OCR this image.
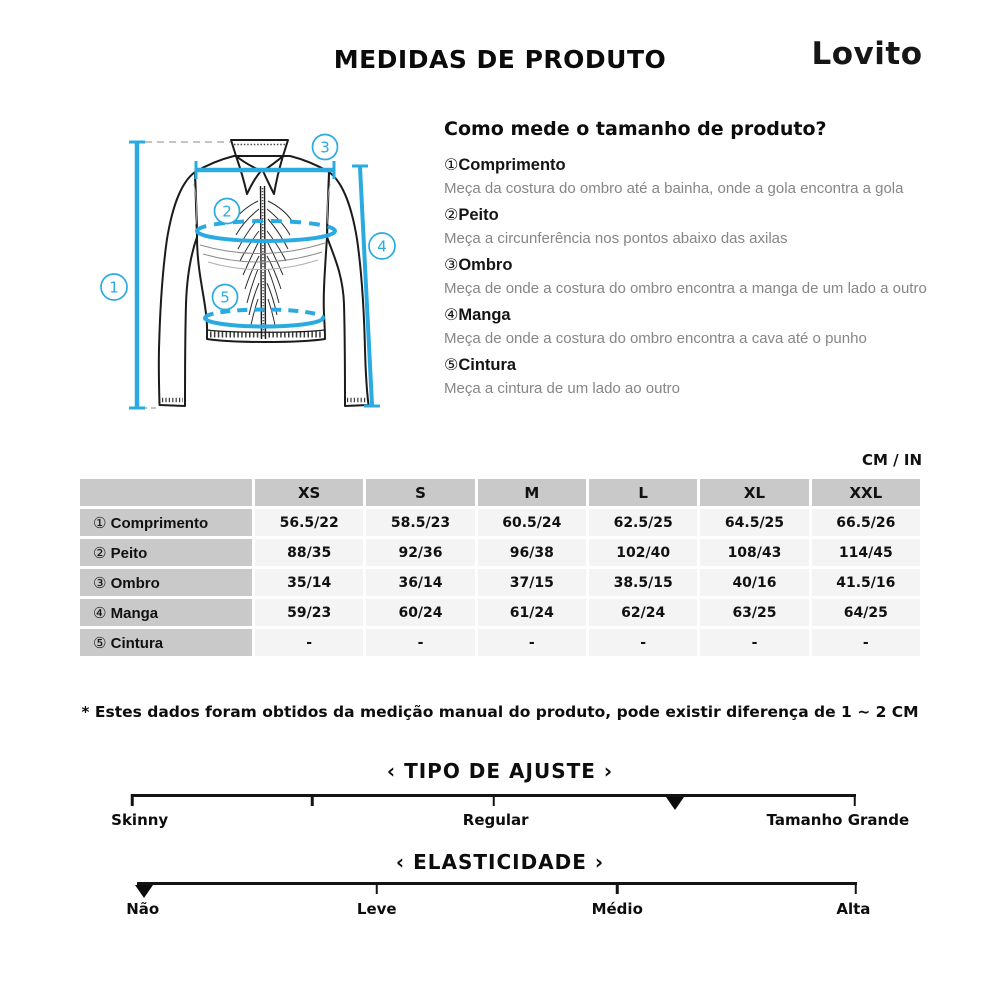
MEDIDAS DE PRODUTO	Lovito
1
2
3
4
5
Como mede o tamanho de produto?
①Comprimento
Meça da costura do ombro até a bainha, onde a gola encontra a gola
②Peito
Meça a circunferência nos pontos abaixo das axilas
③Ombro
Meça de onde a costura do ombro encontra a manga de um lado a outro
④Manga
Meça de onde a costura do ombro encontra a cava até o punho
⑤Cintura
Meça a cintura de um lado ao outro
CM / IN
	XS	S	M	L	XL	XXL
① Comprimento	56.5/22	58.5/23	60.5/24	62.5/25	64.5/25	66.5/26
② Peito	88/35	92/36	96/38	102/40	108/43	114/45
③ Ombro	35/14	36/14	37/15	38.5/15	40/16	41.5/16
④ Manga	59/23	60/24	61/24	62/24	63/25	64/25
⑤ Cintura	-	-	-	-	-	-
* Estes dados foram obtidos da medição manual do produto, pode existir diferença de 1 ~ 2 CM
‹ TIPO DE AJUSTE ›
Skinny	Regular	Tamanho Grande
‹ ELASTICIDADE ›
Não	Leve	Médio	Alta
